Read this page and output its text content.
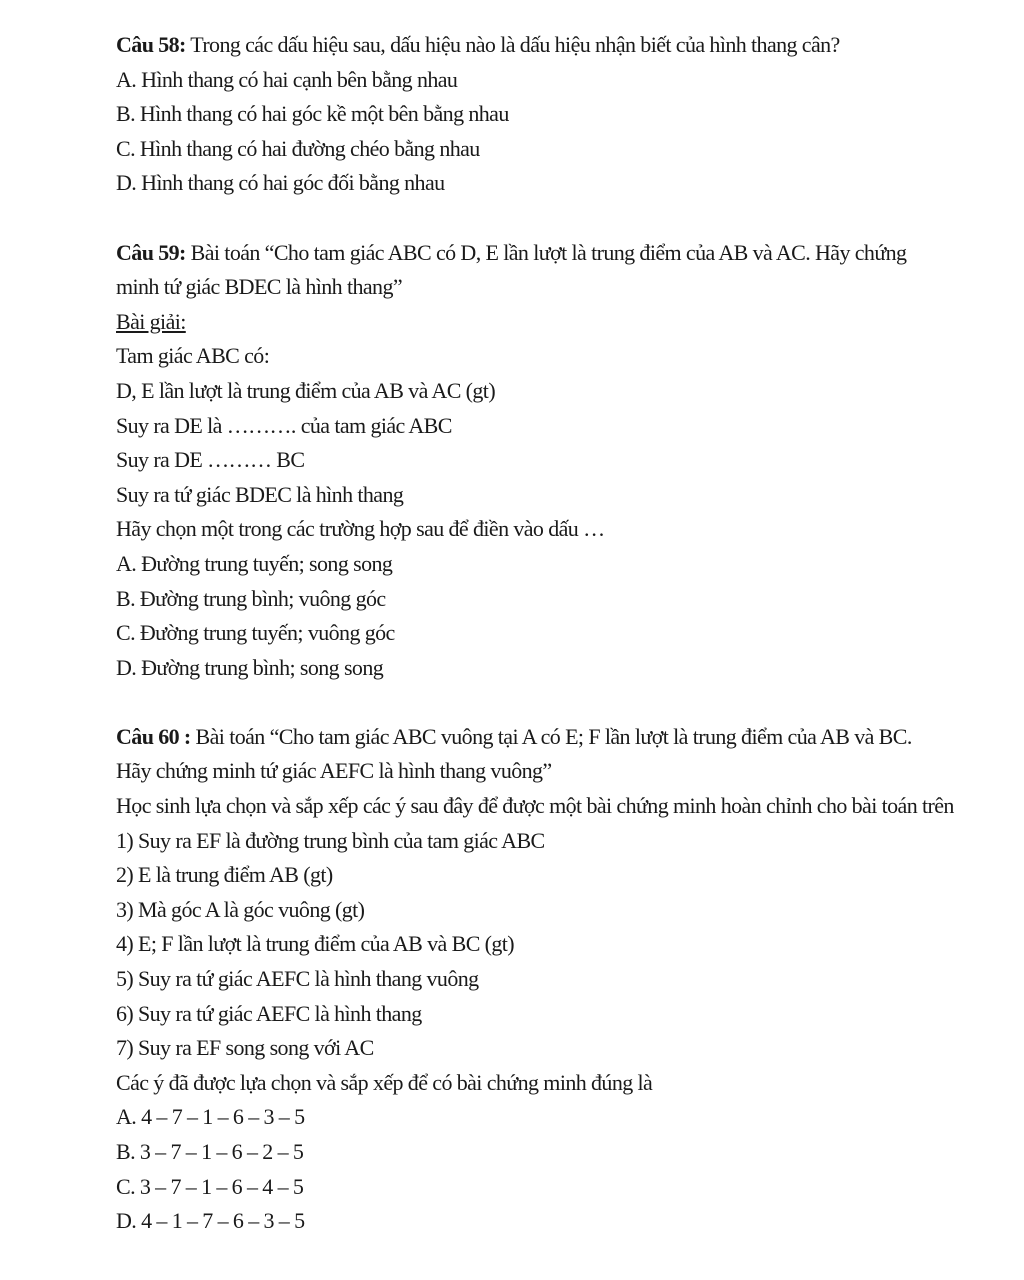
Câu 58: Trong các dấu hiệu sau, dấu hiệu nào là dấu hiệu nhận biết của hình thang cân?
A. Hình thang có hai cạnh bên bằng nhau
B. Hình thang có hai góc kề một bên bằng nhau
C. Hình thang có hai đường chéo bằng nhau
D. Hình thang có hai góc đối bằng nhau
Câu 59: Bài toán “Cho tam giác ABC có D, E lần lượt là trung điểm của AB và AC. Hãy chứng minh tứ giác BDEC là hình thang”
Bài giải:
Tam giác ABC có:
D, E lần lượt là trung điểm của AB và AC (gt)
Suy ra DE là ………. của tam giác ABC
Suy ra DE ……… BC
Suy ra tứ giác BDEC là hình thang
Hãy chọn một trong các trường hợp sau để điền vào dấu …
A. Đường trung tuyến; song song
B. Đường trung bình; vuông góc
C. Đường trung tuyến; vuông góc
D. Đường trung bình; song song
Câu 60 : Bài toán “Cho tam giác ABC vuông tại A có E; F lần lượt là trung điểm của AB và BC. Hãy chứng minh tứ giác AEFC là hình thang vuông”
Học sinh lựa chọn và sắp xếp các ý sau đây để được một bài chứng minh hoàn chỉnh cho bài toán trên
1) Suy ra EF là đường trung bình của tam giác ABC
2) E là trung điểm AB (gt)
3) Mà góc A là góc vuông (gt)
4) E; F lần lượt là trung điểm của AB và BC (gt)
5) Suy ra tứ giác AEFC là hình thang vuông
6) Suy ra tứ giác AEFC là hình thang
7) Suy ra EF song song với AC
Các ý đã được lựa chọn và sắp xếp để có bài chứng minh đúng là
A. 4 – 7 – 1 – 6 – 3 – 5
B. 3 – 7 – 1 – 6 – 2 – 5
C. 3 – 7 – 1 – 6 – 4 – 5
D. 4 – 1 – 7 – 6 – 3 – 5
